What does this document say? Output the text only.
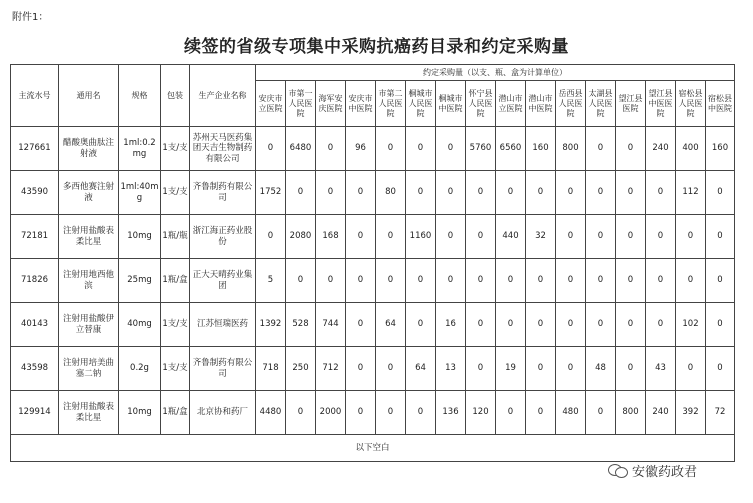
附件1：
续签的省级专项集中采购抗癌药目录和约定采购量
主流水号	通用名	规格	包装	生产企业名称	约定采购量（以支、瓶、盒为计算单位）															
					安庆市立医院	市第一人民医院	海军安庆医院	安庆市中医院	市第二人民医院	桐城市人民医院	桐城市中医院	怀宁县人民医院	潜山市立医院	潜山市中医院	岳西县人民医院	太湖县人民医院	望江县医院	望江县中医医院	宿松县人民医院	宿松县中医院
127661	醋酸奥曲肽注射液	1ml:0.2mg	1支/支	苏州天马医药集团天吉生物制药有限公司	0	6480	0	96	0	0	0	5760	6560	160	800	0	0	240	400	160
43590	多西他赛注射液	1ml:40mg	1支/支	齐鲁制药有限公司	1752	0	0	0	80	0	0	0	0	0	0	0	0	0	112	0
72181	注射用盐酸表柔比星	10mg	1瓶/瓶	浙江海正药业股份	0	2080	168	0	0	1160	0	0	440	32	0	0	0	0	0	0
71826	注射用地西他滨	25mg	1瓶/盒	正大天晴药业集团	5	0	0	0	0	0	0	0	0	0	0	0	0	0	0	0
40143	注射用盐酸伊立替康	40mg	1支/支	江苏恒瑞医药	1392	528	744	0	64	0	16	0	0	0	0	0	0	0	102	0
43598	注射用培美曲塞二钠	0.2g	1支/支	齐鲁制药有限公司	718	250	712	0	0	64	13	0	19	0	0	48	0	43	0	0
129914	注射用盐酸表柔比星	10mg	1瓶/盒	北京协和药厂	4480	0	2000	0	0	0	136	120	0	0	480	0	800	240	392	72
以下空白																				
安徽药政君
